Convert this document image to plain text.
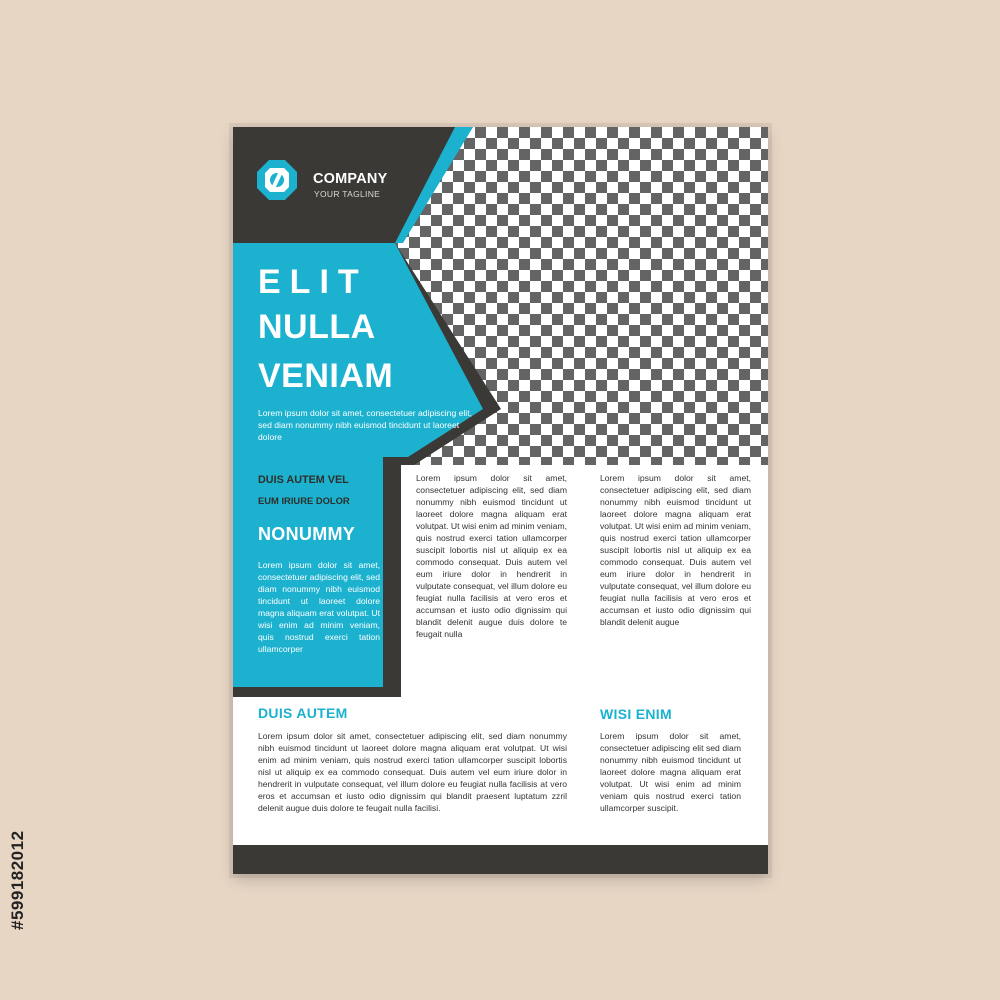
#599182012
COMPANY
YOUR TAGLINE
ELIT
NULLA
VENIAM
Lorem ipsum dolor sit amet, consectetuer adipiscing elit, sed diam nonummy nibh euismod tincidunt ut laoreet dolore
DUIS AUTEM VEL
EUM IRIURE DOLOR
NONUMMY
Lorem ipsum dolor sit amet, consectetuer adipiscing elit, sed diam nonummy nibh euismod tincidunt ut laoreet dolore magna aliquam erat volutpat. Ut wisi enim ad minim veniam, quis nostrud exerci tation ullamcorper
Lorem ipsum dolor sit amet, consectetuer adipiscing elit, sed diam nonummy nibh euismod tincidunt ut laoreet dolore magna aliquam erat volutpat. Ut wisi enim ad minim veniam, quis nostrud exerci tation ullamcorper suscipit lobortis nisl ut aliquip ex ea commodo consequat. Duis autem vel eum iriure dolor in hendrerit in vulputate consequat, vel illum dolore eu feugiat nulla facilisis at vero eros et accumsan et iusto odio dignissim qui blandit delenit augue duis dolore te feugait nulla
Lorem ipsum dolor sit amet, consectetuer adipiscing elit, sed diam nonummy nibh euismod tincidunt ut laoreet dolore magna aliquam erat volutpat. Ut wisi enim ad minim veniam, quis nostrud exerci tation ullamcorper suscipit lobortis nisl ut aliquip ex ea commodo consequat. Duis autem vel eum iriure dolor in hendrerit in vulputate consequat, vel illum dolore eu feugiat nulla facilisis at vero eros et accumsan et iusto odio dignissim qui blandit delenit augue
DUIS AUTEM
Lorem ipsum dolor sit amet, consectetuer adipiscing elit, sed diam nonummy nibh euismod tincidunt ut laoreet dolore magna aliquam erat volutpat. Ut wisi enim ad minim veniam, quis nostrud exerci tation ullamcorper suscipit lobortis nisl ut aliquip ex ea commodo consequat. Duis autem vel eum iriure dolor in hendrerit in vulputate consequat, vel illum dolore eu feugiat nulla facilisis at vero eros et accumsan et iusto odio dignissim qui blandit praesent luptatum zzril delenit augue duis dolore te feugait nulla facilisi.
WISI ENIM
Lorem ipsum dolor sit amet, consectetuer adipiscing elit sed diam nonummy nibh euismod tincidunt ut laoreet dolore magna aliquam erat volutpat. Ut wisi enim ad minim veniam quis nostrud exerci tation ullamcorper suscipit.
